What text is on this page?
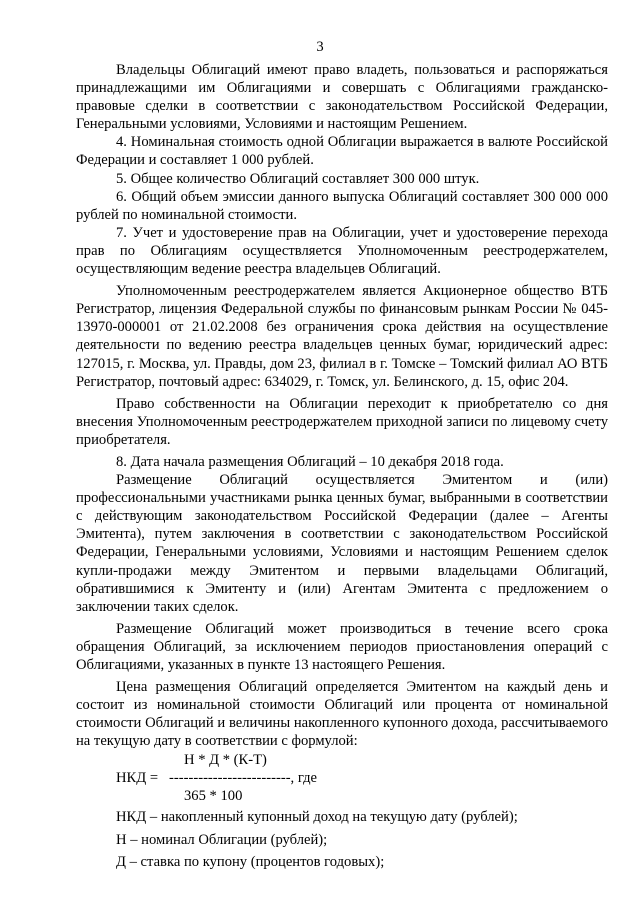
3

Владельцы Облигаций имеют право владеть, пользоваться и распоряжаться принадлежащими им Облигациями и совершать с Облигациями гражданско-правовые сделки в соответствии с законодательством Российской Федерации, Генеральными условиями, Условиями и настоящим Решением.

4. Номинальная стоимость одной Облигации выражается в валюте Российской Федерации и составляет 1 000 рублей.

5. Общее количество Облигаций составляет 300 000 штук.

6. Общий объем эмиссии данного выпуска Облигаций составляет 300 000 000 рублей по номинальной стоимости.

7. Учет и удостоверение прав на Облигации, учет и удостоверение перехода прав по Облигациям осуществляется Уполномоченным реестродержателем, осуществляющим ведение реестра владельцев Облигаций.

Уполномоченным реестродержателем является Акционерное общество ВТБ Регистратор, лицензия Федеральной службы по финансовым рынкам России № 045-13970-000001 от 21.02.2008 без ограничения срока действия на осуществление деятельности по ведению реестра владельцев ценных бумаг, юридический адрес: 127015, г. Москва, ул. Правды, дом 23, филиал в г. Томске – Томский филиал АО ВТБ Регистратор, почтовый адрес: 634029, г. Томск, ул. Белинского, д. 15, офис 204.

Право собственности на Облигации переходит к приобретателю со дня внесения Уполномоченным реестродержателем приходной записи по лицевому счету приобретателя.

8. Дата начала размещения Облигаций – 10 декабря 2018 года.

Размещение Облигаций осуществляется Эмитентом и (или) профессиональными участниками рынка ценных бумаг, выбранными в соответствии с действующим законодательством Российской Федерации (далее – Агенты Эмитента), путем заключения в соответствии с законодательством Российской Федерации, Генеральными условиями, Условиями и настоящим Решением сделок купли-продажи между Эмитентом и первыми владельцами Облигаций, обратившимися к Эмитенту и (или) Агентам Эмитента с предложением о заключении таких сделок.

Размещение Облигаций может производиться в течение всего срока обращения Облигаций, за исключением периодов приостановления операций с Облигациями, указанных в пункте 13 настоящего Решения.

Цена размещения Облигаций определяется Эмитентом на каждый день и состоит из номинальной стоимости Облигаций или процента от номинальной стоимости Облигаций и величины накопленного купонного дохода, рассчитываемого на текущую дату в соответствии с формулой:

Н * Д * (К-Т)
НКД =   -------------------------, где
365 * 100

НКД – накопленный купонный доход на текущую дату (рублей);

Н – номинал Облигации (рублей);

Д – ставка по купону (процентов годовых);
